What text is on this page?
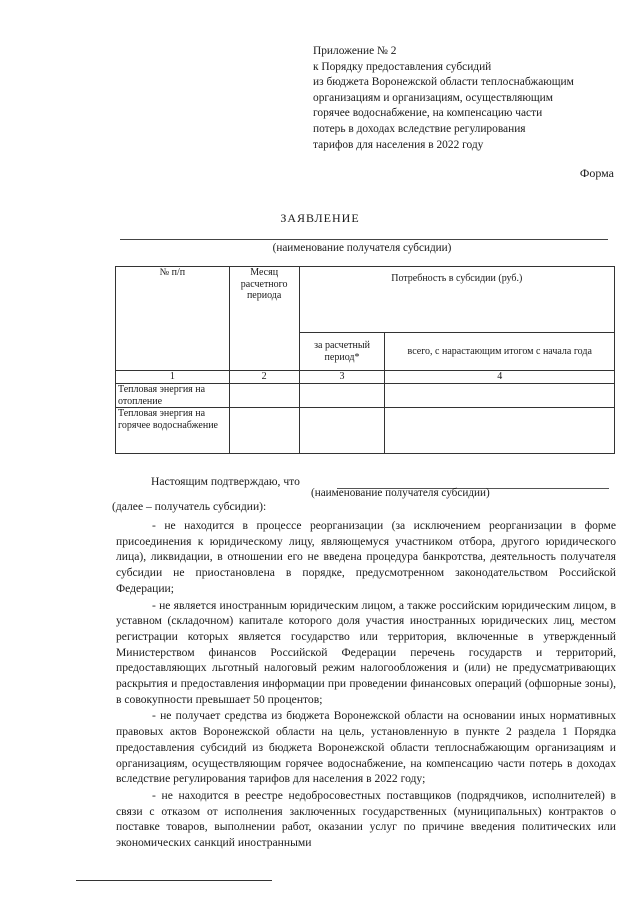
Приложение № 2
к Порядку предоставления субсидий
из бюджета Воронежской области теплоснабжающим
организациям и организациям, осуществляющим
горячее водоснабжение, на компенсацию части
потерь в доходах вследствие регулирования
тарифов для населения в 2022 году
Форма
ЗАЯВЛЕНИЕ
(наименование получателя субсидии)
№ п/п	Месяц расчетного периода	Потребность в субсидии (руб.)	
		за расчетный период*	всего, с нарастающим итогом с начала года
1	2	3	4
Тепловая энергия на отопление			
Тепловая энергия на горячее водоснабжение			
Настоящим подтверждаю, что
(наименование получателя субсидии)
(далее – получатель субсидии):

- не находится в процессе реорганизации (за исключением реорганизации в форме присоединения к юридическому лицу, являющемуся участником отбора, другого юридического лица), ликвидации, в отношении его не введена процедура банкротства, деятельность получателя субсидии не приостановлена в порядке, предусмотренном законодательством Российской Федерации;

- не является иностранным юридическим лицом, а также российским юридическим лицом, в уставном (складочном) капитале которого доля участия иностранных юридических лиц, местом регистрации которых является государство или территория, включенные в утвержденный Министерством финансов Российской Федерации перечень государств и территорий, предоставляющих льготный налоговый режим налогообложения и (или) не предусматривающих раскрытия и предоставления информации при проведении финансовых операций (офшорные зоны), в совокупности превышает 50 процентов;

- не получает средства из бюджета Воронежской области на основании иных нормативных правовых актов Воронежской области на цель, установленную в пункте 2 раздела 1 Порядка предоставления субсидий из бюджета Воронежской области теплоснабжающим организациям и организациям, осуществляющим горячее водоснабжение, на компенсацию части потерь в доходах вследствие регулирования тарифов для населения в 2022 году;

- не находится в реестре недобросовестных поставщиков (подрядчиков, исполнителей) в связи с отказом от исполнения заключенных государственных (муниципальных) контрактов о поставке товаров, выполнении работ, оказании услуг по причине введения политических или экономических санкций иностранными
